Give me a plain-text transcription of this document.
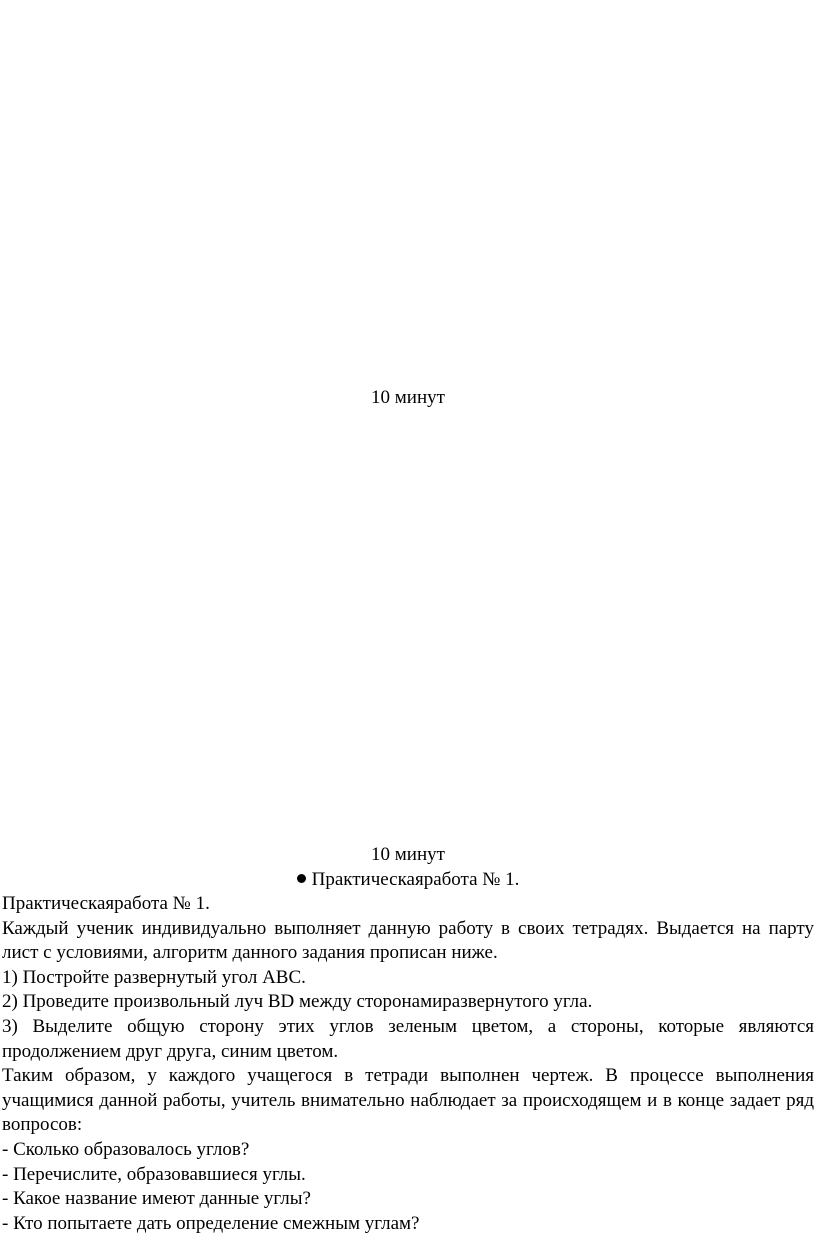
10 минут
10 минут
Практическаяработа № 1.

Практическаяработа № 1.

Каждый ученик индивидуально выполняет данную работу в своих тетрадях. Выдается на парту лист с условиями, алгоритм данного задания прописан ниже.

1) Постройте развернутый угол АВС.

2) Проведите произвольный луч BD между сторонамиразвернутого угла.

3) Выделите общую сторону этих углов зеленым цветом, а стороны, которые являются продолжением друг друга, синим цветом.

Таким образом, у каждого учащегося в тетради выполнен чертеж. В процессе выполнения учащимися данной работы, учитель внимательно наблюдает за происходящем и в конце задает ряд вопросов:

- Сколько образовалось углов?

- Перечислите, образовавшиеся углы.

- Какое название имеют данные углы?

- Кто попытаете дать определение смежным углам?
